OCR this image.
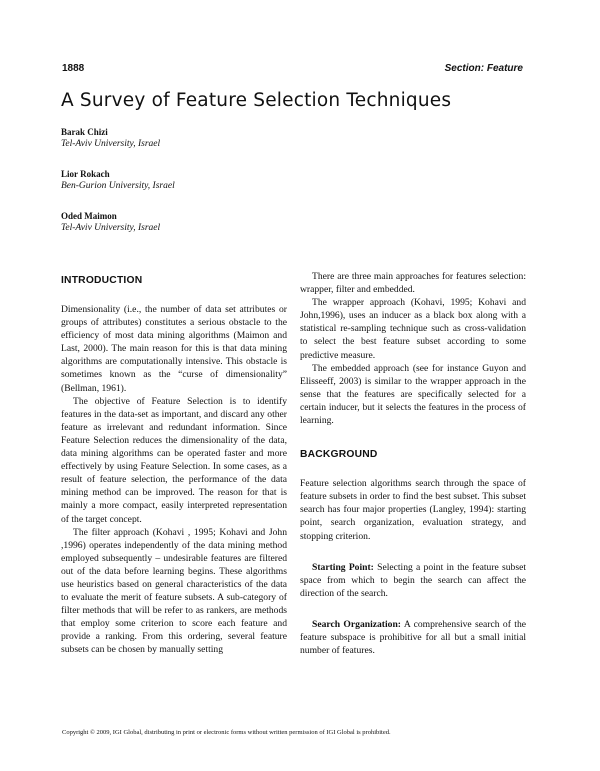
1888	Section: Feature
A Survey of Feature Selection Techniques
Barak Chizi
Tel-Aviv University, Israel
Lior Rokach
Ben-Gurion University, Israel
Oded Maimon
Tel-Aviv University, Israel
INTRODUCTION

Dimensionality (i.e., the number of data set attributes or groups of attributes) constitutes a serious obstacle to the efficiency of most data mining algorithms (Maimon and Last, 2000). The main reason for this is that data mining algorithms are computationally intensive. This obstacle is sometimes known as the “curse of dimensionality” (Bellman, 1961).

The objective of Feature Selection is to identify features in the data-set as important, and discard any other feature as irrelevant and redundant information. Since Feature Selection reduces the dimensionality of the data, data mining algorithms can be operated faster and more effectively by using Feature Selection. In some cases, as a result of feature selection, the performance of the data mining method can be improved. The reason for that is mainly a more compact, easily interpreted representation of the target concept.

The filter approach (Kohavi , 1995; Kohavi and John ,1996) operates independently of the data mining method employed subsequently – undesirable features are filtered out of the data before learning begins. These algorithms use heuristics based on general characteristics of the data to evaluate the merit of feature subsets. A sub-category of filter methods that will be refer to as rankers, are methods that employ some criterion to score each feature and provide a ranking. From this ordering, several feature subsets can be chosen by manually setting

There are three main approaches for features selection: wrapper, filter and embedded.

The wrapper approach (Kohavi, 1995; Kohavi and John,1996), uses an inducer as a black box along with a statistical re-sampling technique such as cross-validation to select the best feature subset according to some predictive measure.

The embedded approach (see for instance Guyon and Elisseeff, 2003) is similar to the wrapper approach in the sense that the features are specifically selected for a certain inducer, but it selects the features in the process of learning.

BACKGROUND

Feature selection algorithms search through the space of feature subsets in order to find the best subset. This subset search has four major properties (Langley, 1994): starting point, search organization, evaluation strategy, and stopping criterion.

Starting Point: Selecting a point in the feature subset space from which to begin the search can affect the direction of the search.

Search Organization: A comprehensive search of the feature subspace is prohibitive for all but a small initial number of features.

Copyright © 2009, IGI Global, distributing in print or electronic forms without written permission of IGI Global is prohibited.
